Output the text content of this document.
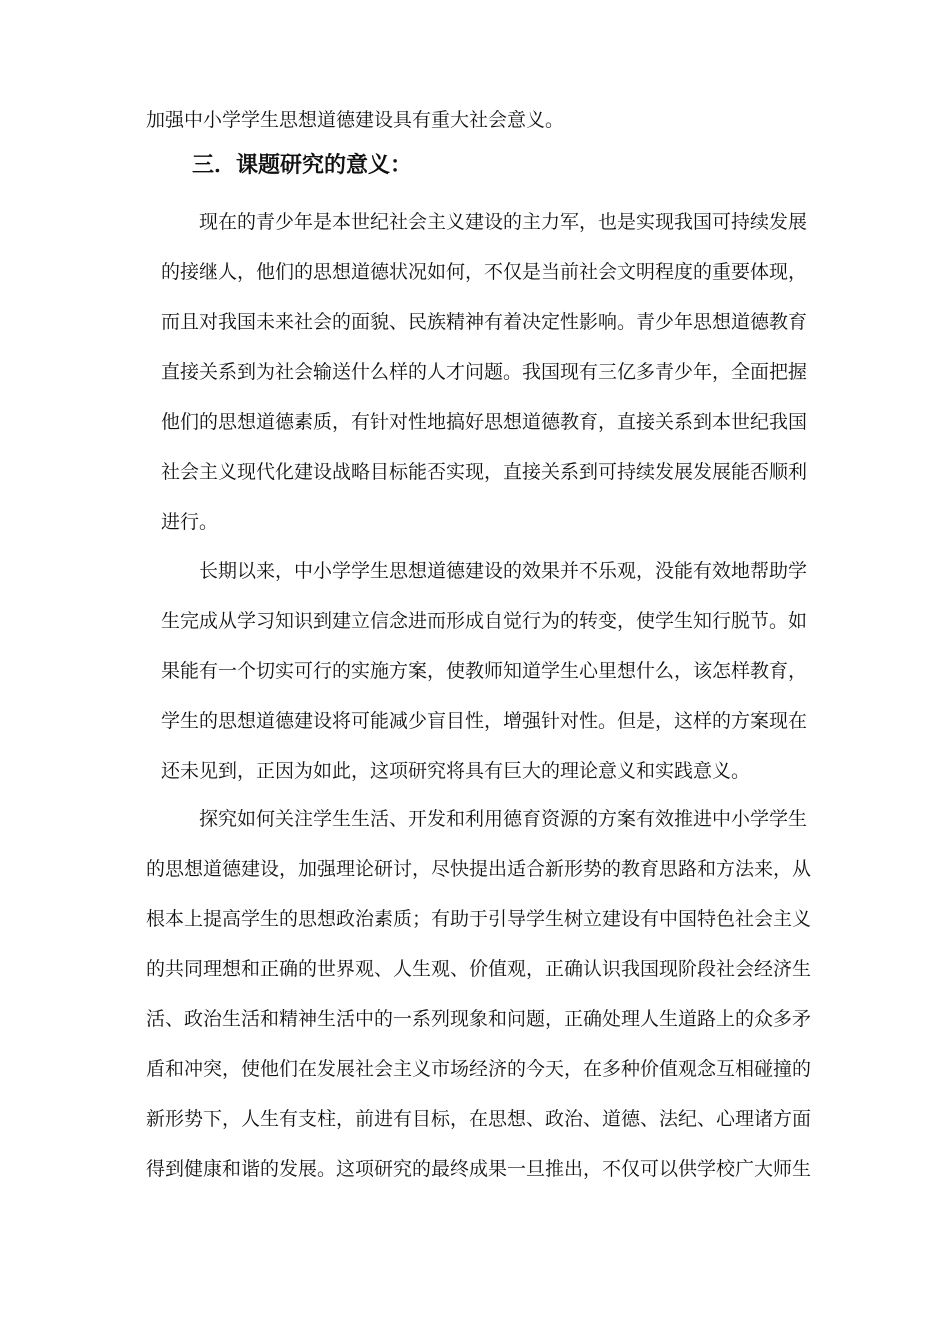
加强中小学学生思想道德建设具有重大社会意义。
三．课题研究的意义：
现在的青少年是本世纪社会主义建设的主力军，也是实现我国可持续发展
的接继人，他们的思想道德状况如何，不仅是当前社会文明程度的重要体现，
而且对我国未来社会的面貌、民族精神有着决定性影响。青少年思想道德教育
直接关系到为社会输送什么样的人才问题。我国现有三亿多青少年，全面把握
他们的思想道德素质，有针对性地搞好思想道德教育，直接关系到本世纪我国
社会主义现代化建设战略目标能否实现，直接关系到可持续发展发展能否顺利
进行。
长期以来，中小学学生思想道德建设的效果并不乐观，没能有效地帮助学
生完成从学习知识到建立信念进而形成自觉行为的转变，使学生知行脱节。如
果能有一个切实可行的实施方案，使教师知道学生心里想什么，该怎样教育，
学生的思想道德建设将可能减少盲目性，增强针对性。但是，这样的方案现在
还未见到，正因为如此，这项研究将具有巨大的理论意义和实践意义。
探究如何关注学生生活、开发和利用德育资源的方案有效推进中小学学生
的思想道德建设，加强理论研讨，尽快提出适合新形势的教育思路和方法来，从
根本上提高学生的思想政治素质；有助于引导学生树立建设有中国特色社会主义
的共同理想和正确的世界观、人生观、价值观，正确认识我国现阶段社会经济生
活、政治生活和精神生活中的一系列现象和问题，正确处理人生道路上的众多矛
盾和冲突，使他们在发展社会主义市场经济的今天，在多种价值观念互相碰撞的
新形势下，人生有支柱，前进有目标，在思想、政治、道德、法纪、心理诸方面
得到健康和谐的发展。这项研究的最终成果一旦推出，不仅可以供学校广大师生
